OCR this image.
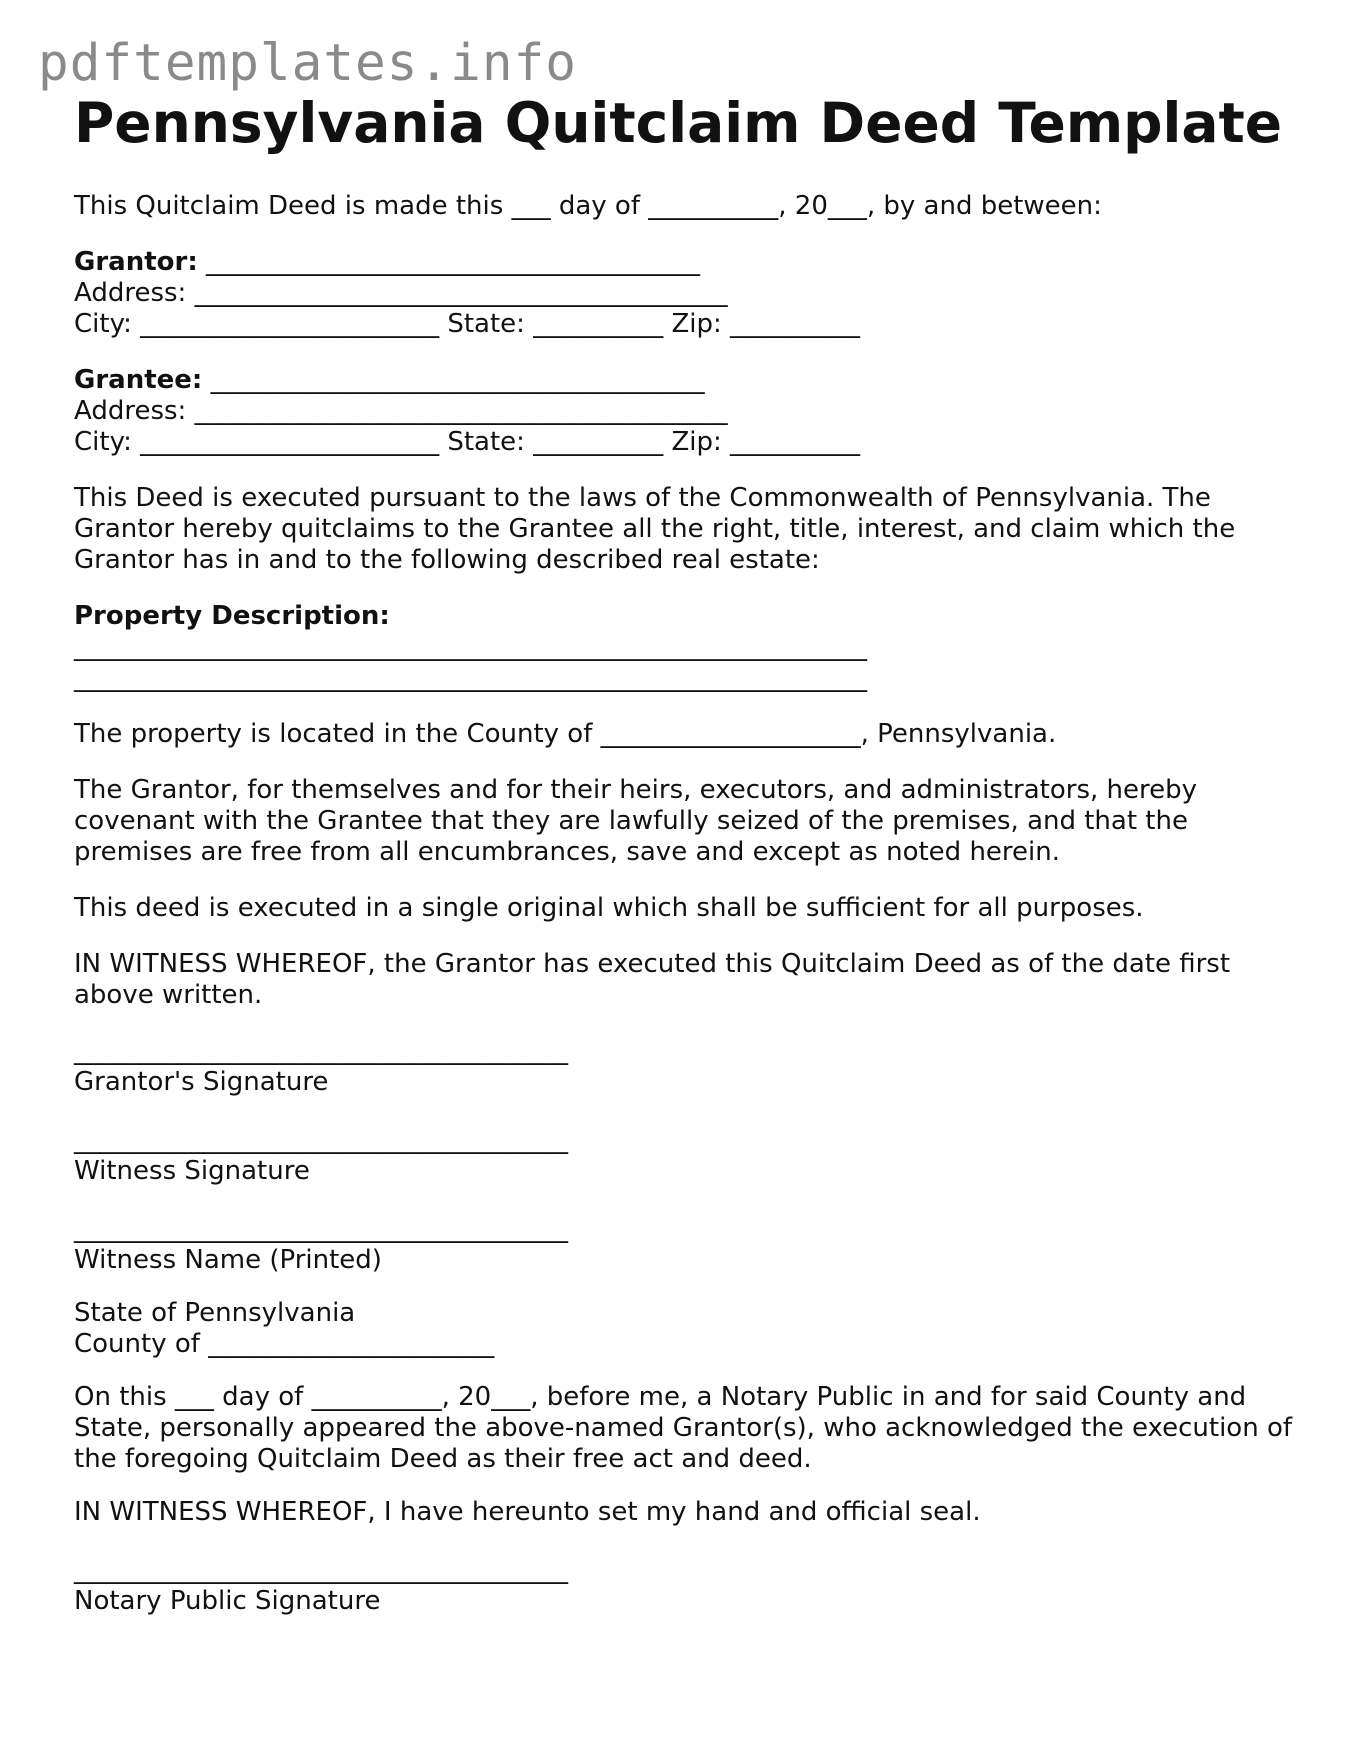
pdftemplates.info
Pennsylvania Quitclaim Deed Template

This Quitclaim Deed is made this ___ day of __________, 20___, by and between:

Grantor: ______________________________________

Address: _________________________________________

City: _______________________ State: __________ Zip: __________

Grantee: ______________________________________

Address: _________________________________________

City: _______________________ State: __________ Zip: __________

This Deed is executed pursuant to the laws of the Commonwealth of Pennsylvania. The Grantor hereby quitclaims to the Grantee all the right, title, interest, and claim which the Grantor has in and to the following described real estate:

Property Description:

_____________________________________________________________

_____________________________________________________________

The property is located in the County of ____________________, Pennsylvania.

The Grantor, for themselves and for their heirs, executors, and administrators, hereby covenant with the Grantee that they are lawfully seized of the premises, and that the premises are free from all encumbrances, save and except as noted herein.

This deed is executed in a single original which shall be sufficient for all purposes.

IN WITNESS WHEREOF, the Grantor has executed this Quitclaim Deed as of the date first above written.

______________________________________

Grantor's Signature

______________________________________

Witness Signature

______________________________________

Witness Name (Printed)

State of Pennsylvania

County of ______________________

On this ___ day of __________, 20___, before me, a Notary Public in and for said County and State, personally appeared the above-named Grantor(s), who acknowledged the execution of the foregoing Quitclaim Deed as their free act and deed.

IN WITNESS WHEREOF, I have hereunto set my hand and official seal.

______________________________________

Notary Public Signature
